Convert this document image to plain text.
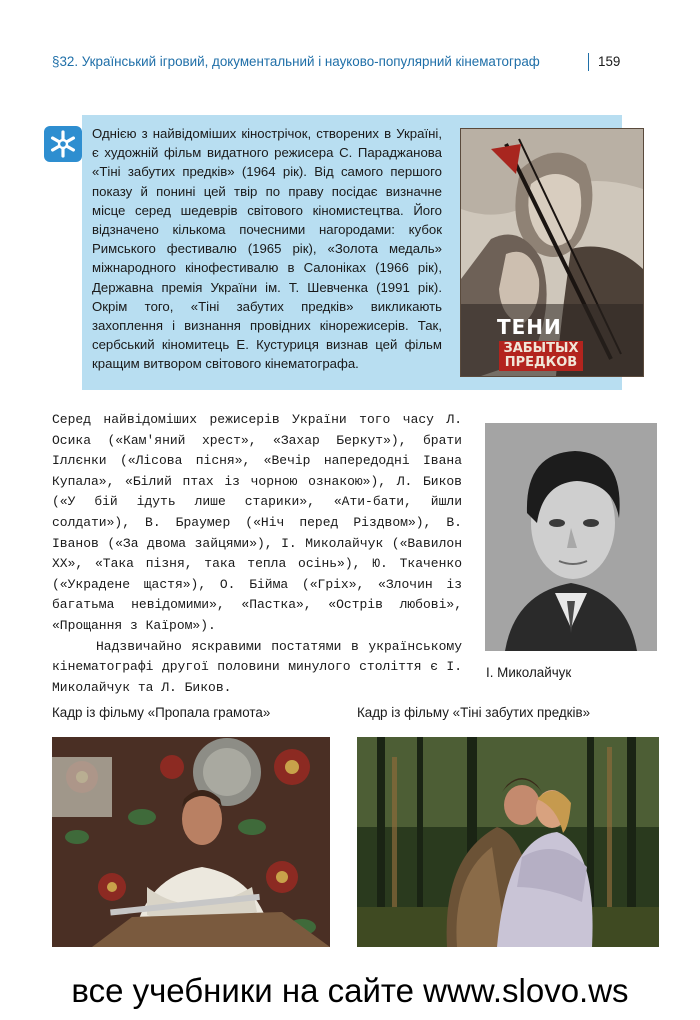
§32. Український ігровий, документальний і науково-популярний кінематограф	159
Однією з найвідоміших кінострічок, створених в Україні, є художній фільм видатного режисера С. Параджанова «Тіні забутих предків» (1964 рік). Від самого першого показу й понині цей твір по праву посідає визначне місце серед шедеврів світового кіномистецтва. Його відзначено кількома почесними нагородами: кубок Римського фестивалю (1965 рік), «Золота медаль» міжнародного кінофестивалю в Салоніках (1966 рік), Державна премія України ім. Т. Шевченка (1991 рік). Окрім того, «Тіні забутих предків» викликають захоплення і визнання провідних кінорежисерів. Так, сербський кіномитець Е. Кустуриця визнав цей фільм кращим витвором світового кінематографа.
ТЕНИ
ЗАБЫТЫХ ПРЕДКОВ

Серед найвідоміших режисерів України того часу Л. Осика («Кам'яний хрест», «Захар Беркут»), брати Іллєнки («Лісова пісня», «Вечір напередодні Івана Купала», «Білий птах із чорною ознакою»), Л. Биков («У бій ідуть лише старики», «Ати-бати, йшли солдати»), В. Браумер («Ніч перед Різдвом»), В. Іванов («За двома зайцями»), І. Миколайчук («Вавилон ХХ», «Така пізня, така тепла осінь»), Ю. Ткаченко («Украдене щастя»), О. Бійма («Гріх», «Злочин із багатьма невідомими», «Пастка», «Острів любові», «Прощання з Каїром»).

Надзвичайно яскравими постатями в українському кінематографі другої половини минулого століття є І. Миколайчук та Л. Биков.

І. Миколайчук
Кадр із фільму «Пропала грамота»	Кадр із фільму «Тіні забутих предків»
все учебники на сайте www.slovo.ws
